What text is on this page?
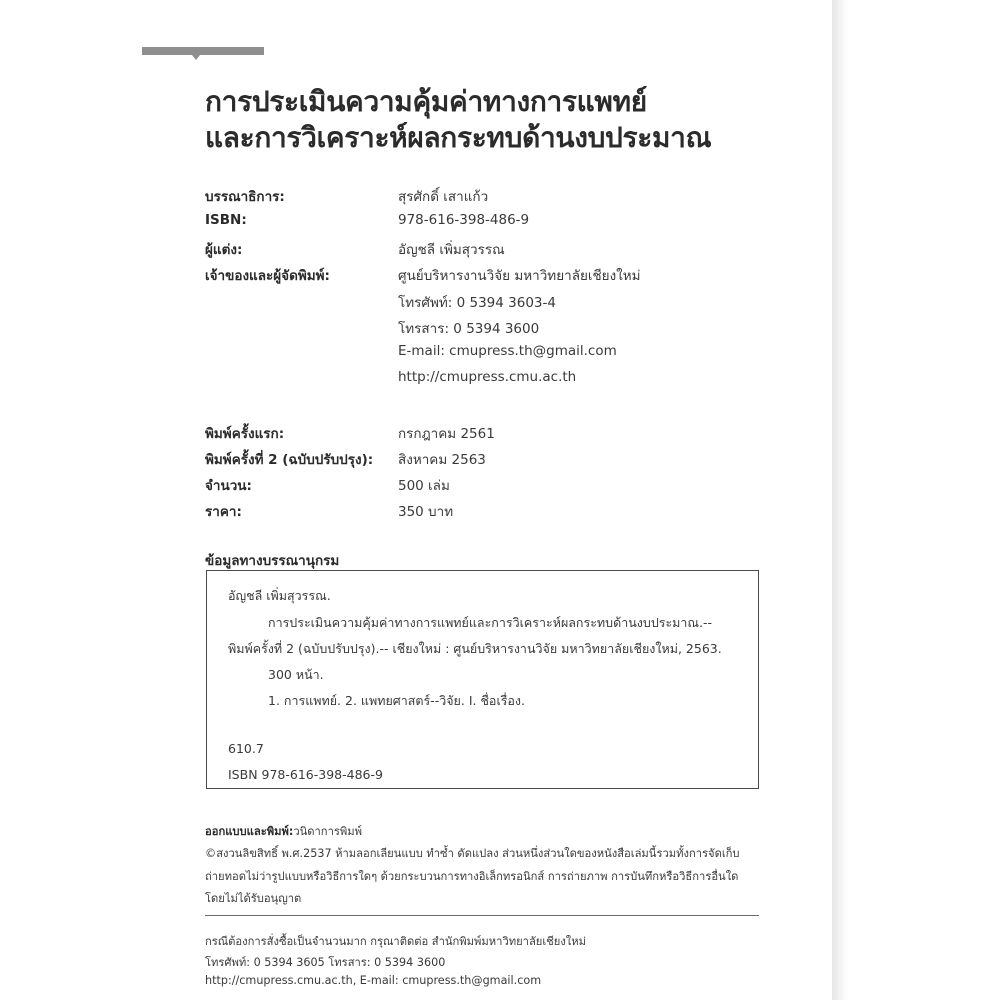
การประเมินความคุ้มค่าทางการแพทย์
และการวิเคราะห์ผลกระทบด้านงบประมาณ
บรรณาธิการ:	สุรศักดิ์ เสาแก้ว
ISBN:	978-616-398-486-9
ผู้แต่ง:	อัญชลี เพิ่มสุวรรณ
เจ้าของและผู้จัดพิมพ์:	ศูนย์บริหารงานวิจัย มหาวิทยาลัยเชียงใหม่
โทรศัพท์: 0 5394 3603-4
โทรสาร: 0 5394 3600
E-mail: cmupress.th@gmail.com
http://cmupress.cmu.ac.th
พิมพ์ครั้งแรก:	กรกฎาคม 2561
พิมพ์ครั้งที่ 2 (ฉบับปรับปรุง): สิงหาคม 2563
จำนวน:	500 เล่ม
ราคา:	350 บาท
ข้อมูลทางบรรณานุกรม
อัญชลี เพิ่มสุวรรณ.
การประเมินความคุ้มค่าทางการแพทย์และการวิเคราะห์ผลกระทบด้านงบประมาณ.--
พิมพ์ครั้งที่ 2 (ฉบับปรับปรุง).-- เชียงใหม่ : ศูนย์บริหารงานวิจัย มหาวิทยาลัยเชียงใหม่, 2563.
300 หน้า.
1. การแพทย์. 2. แพทยศาสตร์--วิจัย. I. ชื่อเรื่อง.
610.7
ISBN 978-616-398-486-9
ออกแบบและพิมพ์:วนิดาการพิมพ์
©สงวนลิขสิทธิ์ พ.ศ.2537 ห้ามลอกเลียนแบบ ทำซ้ำ ดัดแปลง ส่วนหนึ่งส่วนใดของหนังสือเล่มนี้รวมทั้งการจัดเก็บ
ถ่ายทอดไม่ว่ารูปแบบหรือวิธีการใดๆ ด้วยกระบวนการทางอิเล็กทรอนิกส์ การถ่ายภาพ การบันทึกหรือวิธีการอื่นใด
โดยไม่ได้รับอนุญาต
กรณีต้องการสั่งซื้อเป็นจำนวนมาก กรุณาติดต่อ สำนักพิมพ์มหาวิทยาลัยเชียงใหม่
โทรศัพท์: 0 5394 3605 โทรสาร: 0 5394 3600
http://cmupress.cmu.ac.th, E-mail: cmupress.th@gmail.com
